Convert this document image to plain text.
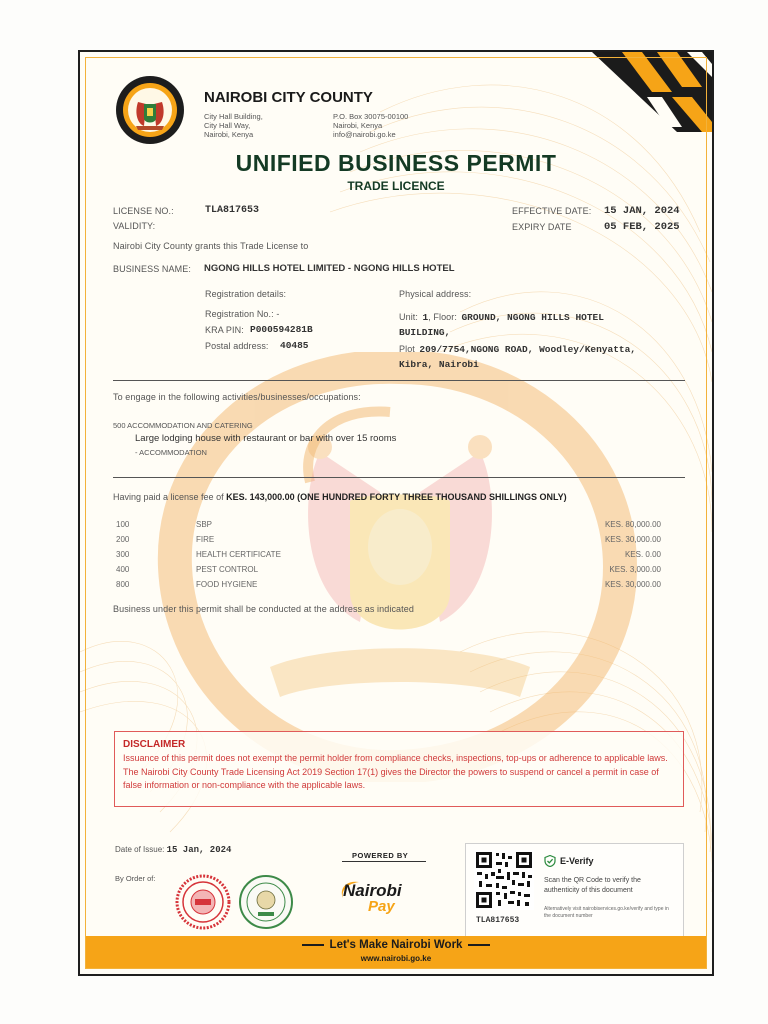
NAIROBI CITY COUNTY
City Hall Building,
City Hall Way,
Nairobi, Kenya
P.O. Box 30075-00100
Nairobi, Kenya
info@nairobi.go.ke
UNIFIED BUSINESS PERMIT
TRADE LICENCE
LICENSE NO.:	TLA817653
VALIDITY:
EFFECTIVE DATE: 15 JAN, 2024
EXPIRY DATE	05 FEB, 2025
Nairobi City County grants this Trade License to
BUSINESS NAME: NGONG HILLS HOTEL LIMITED - NGONG HILLS HOTEL
Registration details:
Registration No.: -
KRA PIN: P000594281B
Postal address: 40485
Physical address:
Unit: 1, Floor: GROUND, NGONG HILLS HOTEL
BUILDING,
Plot 209/7754,NGONG ROAD, Woodley/Kenyatta,
Kibra, Nairobi
To engage in the following activities/businesses/occupations:
500 ACCOMMODATION AND CATERING
Large lodging house with restaurant or bar with over 15 rooms
- ACCOMMODATION
Having paid a license fee of KES. 143,000.00 (ONE HUNDRED FORTY THREE THOUSAND SHILLINGS ONLY)
100	SBP	KES. 80,000.00
200	FIRE	KES. 30,000.00
300	HEALTH CERTIFICATE	KES. 0.00
400	PEST CONTROL	KES. 3,000.00
800	FOOD HYGIENE	KES. 30,000.00
Business under this permit shall be conducted at the address as indicated
DISCLAIMER
Issuance of this permit does not exempt the permit holder from compliance checks, inspections, top-ups or adherence to applicable laws. The Nairobi City County Trade Licensing Act 2019 Section 17(1) gives the Director the powers to suspend or cancel a permit in case of false information or non-compliance with the applicable laws.
Date of Issue: 15 Jan, 2024
By Order of:
POWERED BY
Nairobi
Pay
TLA817653
E-Verify
Scan the QR Code to verify the authenticity of this document
Alternatively visit nairobiservices.go.ke/verify and type in the document number
Let's Make Nairobi Work
www.nairobi.go.ke
